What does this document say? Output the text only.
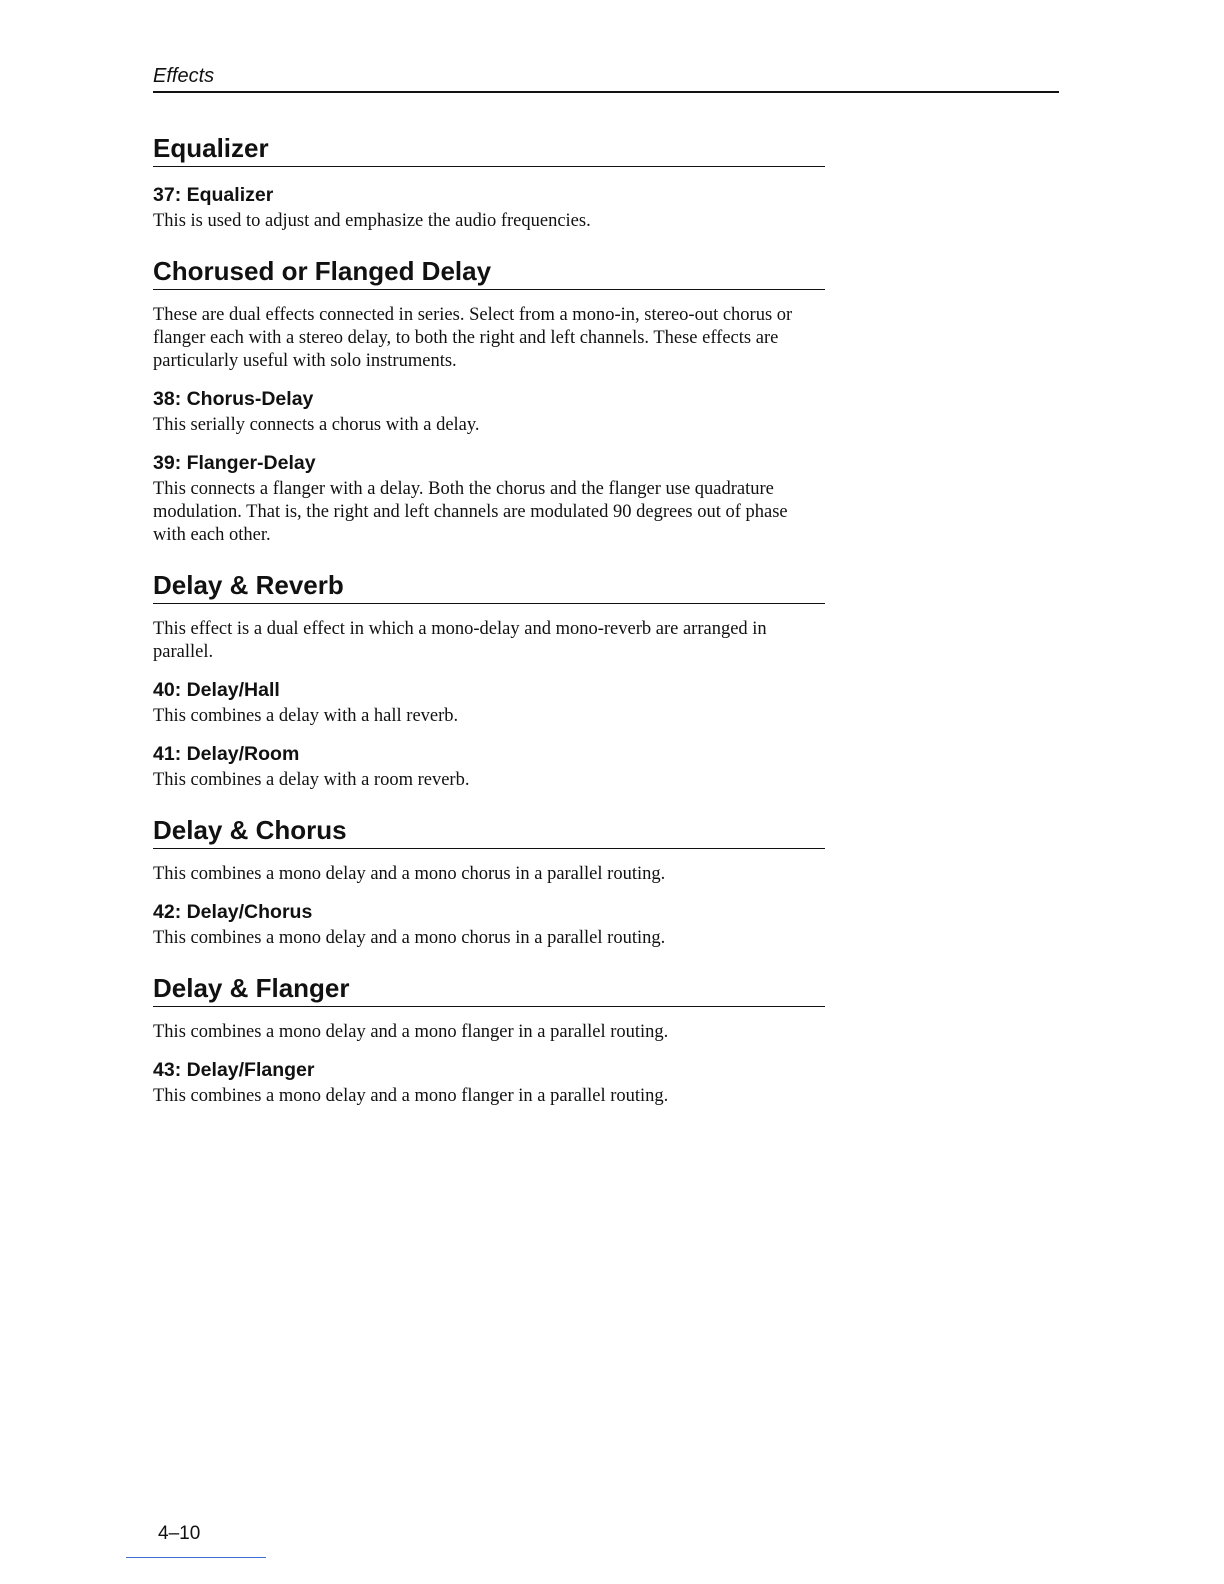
Effects
Equalizer
37: Equalizer

This is used to adjust and emphasize the audio frequencies.

Chorused or Flanged Delay

These are dual effects connected in series. Select from a mono-in, stereo-out chorus or flanger each with a stereo delay, to both the right and left channels. These effects are particularly useful with solo instruments.

38: Chorus-Delay

This serially connects a chorus with a delay.

39: Flanger-Delay

This connects a flanger with a delay. Both the chorus and the flanger use quadrature modulation. That is, the right and left channels are modulated 90 degrees out of phase with each other.

Delay & Reverb

This effect is a dual effect in which a mono-delay and mono-reverb are arranged in parallel.

40: Delay/Hall

This combines a delay with a hall reverb.

41: Delay/Room

This combines a delay with a room reverb.

Delay & Chorus

This combines a mono delay and a mono chorus in a parallel routing.

42: Delay/Chorus

This combines a mono delay and a mono chorus in a parallel routing.

Delay & Flanger

This combines a mono delay and a mono flanger in a parallel routing.

43: Delay/Flanger

This combines a mono delay and a mono flanger in a parallel routing.

4–10
